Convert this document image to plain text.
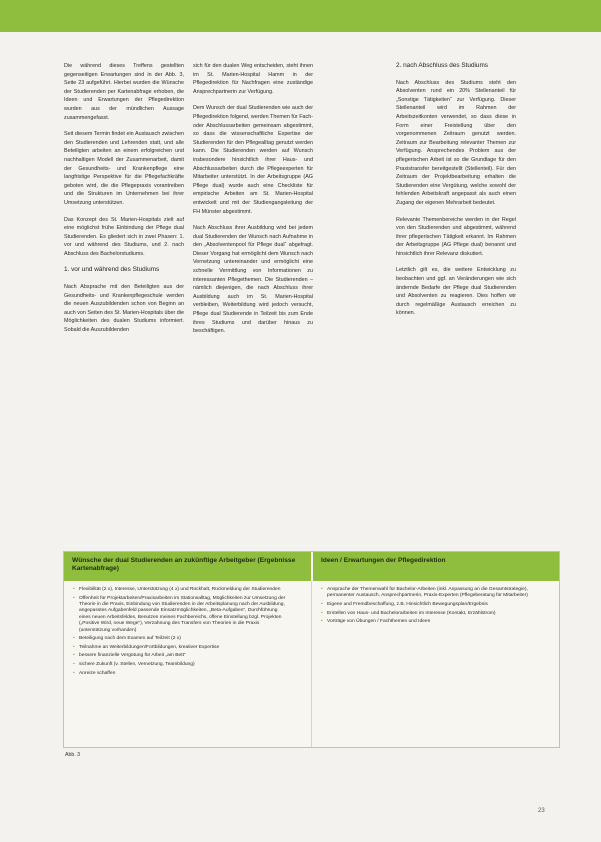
Die während dieses Treffens gestellten gegenseitigen Erwartungen sind in der Abb. 3, Seite 23 aufgeführt. Hierbei wurden die Wünsche der Studierenden per Kartenabfrage erhoben, die Ideen und Erwartungen der Pflegedirektion wurden aus der mündlichen Aussage zusammengefasst.

Seit diesem Termin findet ein Austausch zwischen den Studierenden und Lehrenden statt, und alle Beteiligten arbeiten an einem erfolgreichen und nachhaltigen Modell der Zusammenarbeit, damit der Gesundheits- und Krankenpflege eine langfristige Perspektive für die Pflegefachkräfte geboten wird, die die Pflegepraxis vorantreiben und die Strukturen im Unternehmen bei ihrer Umsetzung unterstützen.

Das Konzept des St. Marien-Hospitals zielt auf eine möglichst frühe Einbindung der Pflege dual Studierenden. Es gliedert sich in zwei Phasen: 1. vor und während des Studiums, und 2. nach Abschluss des Bachelorstudiums.

1. vor und während des Studiums

Nach Absprache mit den Beteiligten aus der Gesundheits- und Krankenpflegeschule werden die neuen Auszubildenden schon von Beginn an auch von Seiten des St. Marien-Hospitals über die Möglichkeiten des dualen Studiums informiert. Sobald die Auszubildenden

sich für den dualen Weg entscheiden, steht ihnen im St. Marien-Hospital Hamm in der Pflegedirektion für Nachfragen eine zuständige Ansprechpartnerin zur Verfügung.

Dem Wunsch der dual Studierenden wie auch der Pflegedirektion folgend, werden Themen für Fach- oder Abschlussarbeiten gemeinsam abgestimmt, so dass die wissenschaftliche Expertise der Studierenden für den Pflegealltag genutzt werden kann. Die Studierenden werden auf Wunsch insbesondere hinsichtlich ihrer Haus- und Abschlussarbeiten durch die Pflegeexperten für Mitarbeiter unterstützt. In der Arbeitsgruppe (AG Pflege dual) wurde auch eine Checkliste für empirische Arbeiten am St. Marien-Hospital entwickelt und mit der Studiengangsleitung der FH Münster abgestimmt.

Nach Abschluss ihrer Ausbildung wird bei jedem dual Studierenden der Wunsch nach Aufnahme in den „Absolventenpool für Pflege dual“ abgefragt. Dieser Vorgang hat ermöglicht dem Wunsch nach Vernetzung untereinander und ermöglicht eine schnelle Vermittlung von Informationen zu interessanten Pflegethemen. Die Studierenden – nämlich diejenigen, die nach Abschluss ihrer Ausbildung auch im St. Marien-Hospital verbleiben, Weiterbildung wird jedoch versucht, Pflege dual Studierende in Teilzeit bis zum Ende ihres Studiums und darüber hinaus zu beschäftigen.

2. nach Abschluss des Studiums

Nach Abschluss des Studiums steht den Absolventen rund ein 20% Stellenanteil für „Sonstige Tätigkeiten“ zur Verfügung. Dieser Stellenanteil wird im Rahmen der Arbeitszeitkonten verwendet, so dass diese in Form einer Freistellung über den vorgenommenen Zeitraum genutzt werden. Zeitraum zur Bearbeitung relevanter Themen zur Verfügung. Ansprechendes Problem aus der pflegerischen Arbeit ist so die Grundlage für den Praxistransfer bereitgestellt (Stellenteil). Für den Zeitraum der Projektbearbeitung erhalten die Studierenden eine Vergütung, welche sowohl der fehlenden Arbeitskraft angepasst als auch einen Zugang der eigenen Mehrarbeit bedeutet.

Relevante Themenbereiche werden in der Regel von den Studierenden und abgestimmt, während ihrer pflegerischen Tätigkeit erkannt. Im Rahmen der Arbeitsgruppe (AG Pflege dual) benannt und hinsichtlich ihrer Relevanz diskutiert.

Letztlich gilt es, die weitere Entwicklung zu beobachten und ggf. an Veränderungen wie sich ändernde Bedarfe der Pflege dual Studierenden und Absolventen zu reagieren. Dies hoffen wir durch regelmäßige Austausch erreichen zu können.

Wünsche der dual Studierenden an zukünftige Arbeitgeber (Ergebnisse Kartenabfrage)
Ideen / Erwartungen der Pflegedirektion
• Flexibilität (2 x), Interesse, Unterstützung (4 x) und Rückhalt, Rückmeldung der Studierenden
• Offenheit für Projektarbeiten/Praxisarbeiten im Stationsalltag, Möglichkeiten zur Umsetzung der Theorie in die Praxis, Einbindung von Studierenden in der Arbeitsplanung nach der Ausbildung, angepasstes Aufgabenfeld passende Einsatzmöglichkeiten, „Beta-Aufgaben“, Durchführung eines neuen Arbeitsfeldes, Benutzen meines Fachbereichs, offene Einstellung bzgl. Projekten („Positive Wird, neue Wege“), Verzahnung des Transfers von Theorien in die Praxis (unterstützung vorhanden)
• Beteiligung nach dem Examen auf Teilzeit (2 x)
• Teilnahme an Weiterbildungen/Fortbildungen, kreativer Expertise
• bessere finanzielle Vergütung für Arbeit „am Bett“
• sichere Zukunft (v. Stellen, Vernetzung, Teambildung)
• Anreize schaffen
• Ansprache der Themenwahl für Bachelor-Arbeiten (inkl. Anpassung an die Gesamtstrategie), permanenter Austausch, Ansprechpartnerin, Praxis-Experten (Pflegeberatung für Mitarbeiter)
• Eigene und Fremdbeschaffung, z.B. Hinsichtlich Bewegungsplan/Ergebnis
• Erstellen von Haus- und Bachelorarbeiten im Interesse (Kontakt, Erzählstrom)
• Vorträge von Übungen / Fachthemen und Ideen
Abb. 3
23
